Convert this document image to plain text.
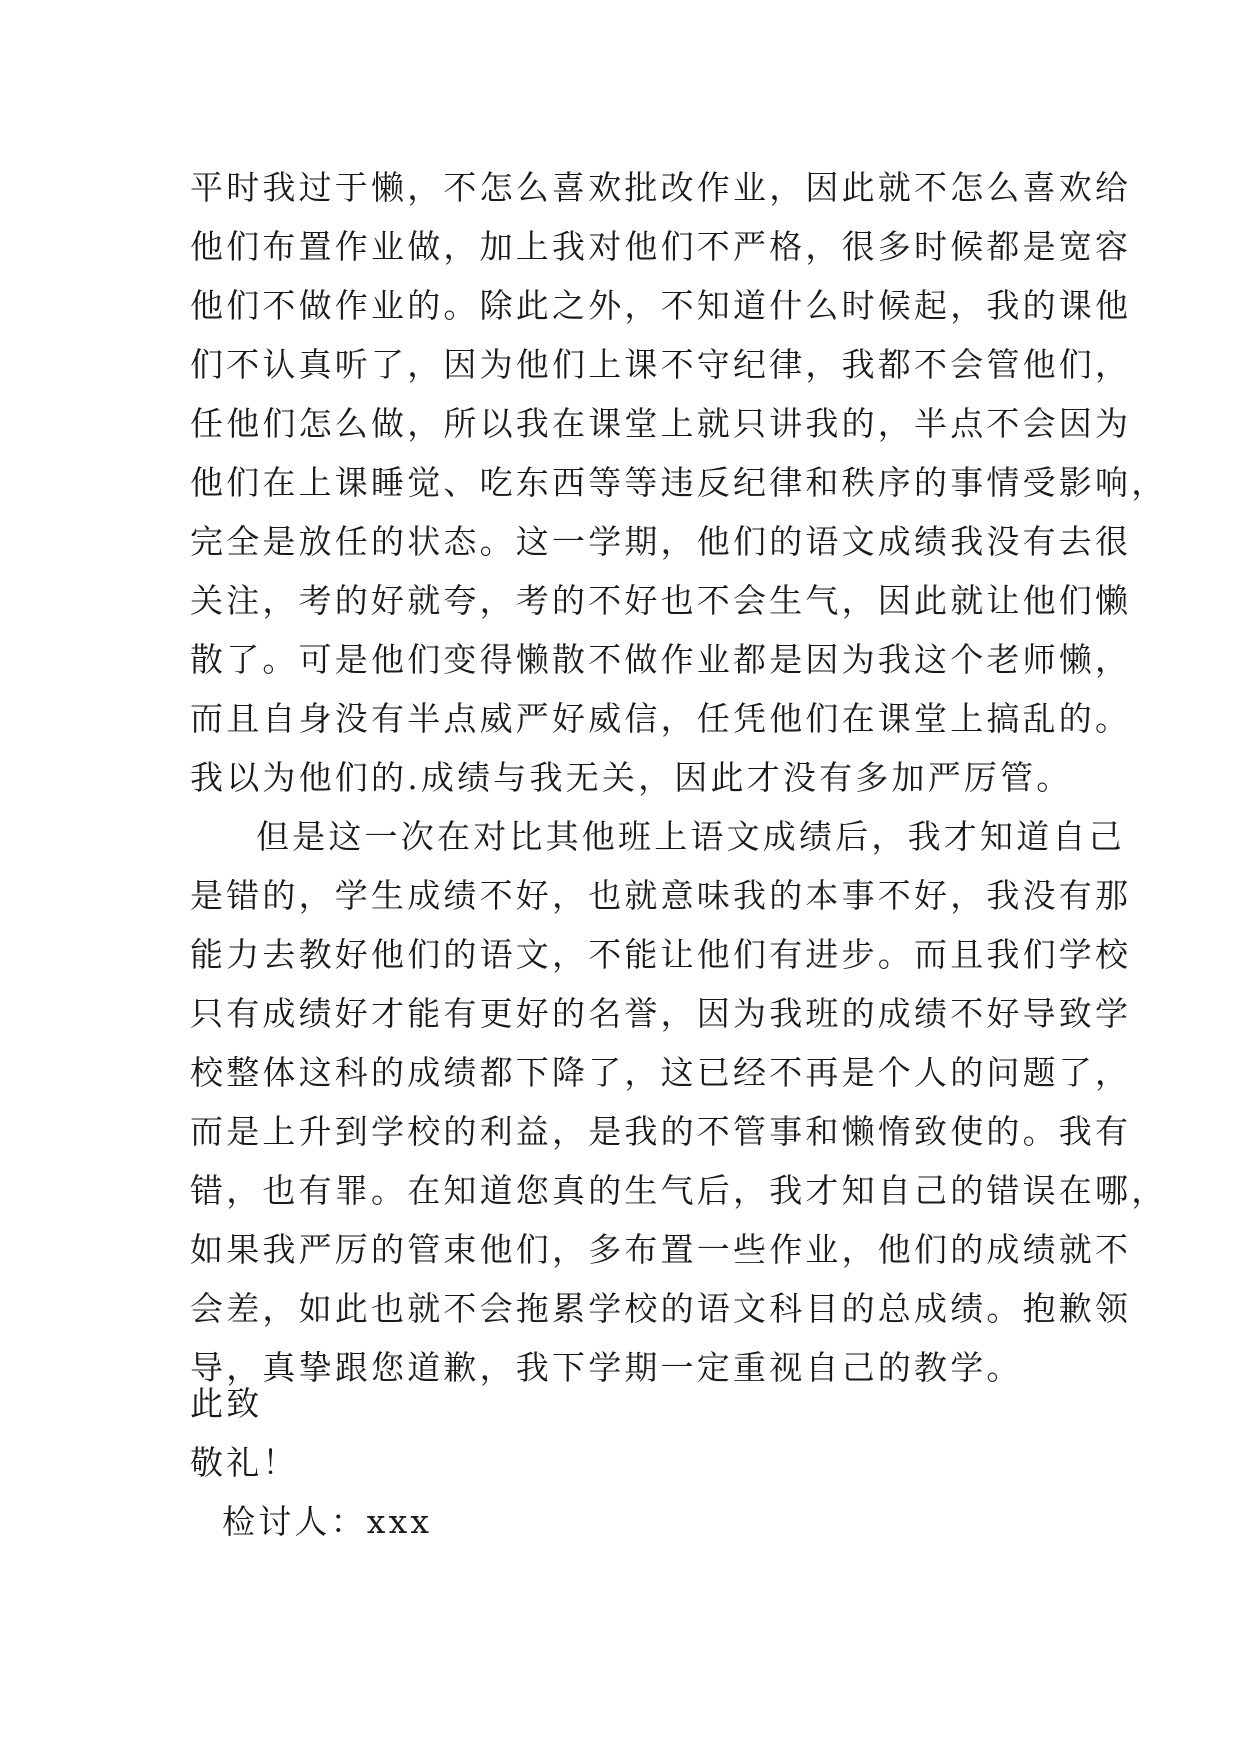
平时我过于懒，不怎么喜欢批改作业，因此就不怎么喜欢给
他们布置作业做，加上我对他们不严格，很多时候都是宽容
他们不做作业的。除此之外，不知道什么时候起，我的课他
们不认真听了，因为他们上课不守纪律，我都不会管他们，
任他们怎么做，所以我在课堂上就只讲我的，半点不会因为
他们在上课睡觉、吃东西等等违反纪律和秩序的事情受影响，
完全是放任的状态。这一学期，他们的语文成绩我没有去很
关注，考的好就夸，考的不好也不会生气，因此就让他们懒
散了。可是他们变得懒散不做作业都是因为我这个老师懒，
而且自身没有半点威严好威信，任凭他们在课堂上搞乱的。
我以为他们的.成绩与我无关，因此才没有多加严厉管。
但是这一次在对比其他班上语文成绩后，我才知道自己
是错的，学生成绩不好，也就意味我的本事不好，我没有那
能力去教好他们的语文，不能让他们有进步。而且我们学校
只有成绩好才能有更好的名誉，因为我班的成绩不好导致学
校整体这科的成绩都下降了，这已经不再是个人的问题了，
而是上升到学校的利益，是我的不管事和懒惰致使的。我有
错，也有罪。在知道您真的生气后，我才知自己的错误在哪，
如果我严厉的管束他们，多布置一些作业，他们的成绩就不
会差，如此也就不会拖累学校的语文科目的总成绩。抱歉领
导，真挚跟您道歉，我下学期一定重视自己的教学。
此致
敬礼！
检讨人：xxx
